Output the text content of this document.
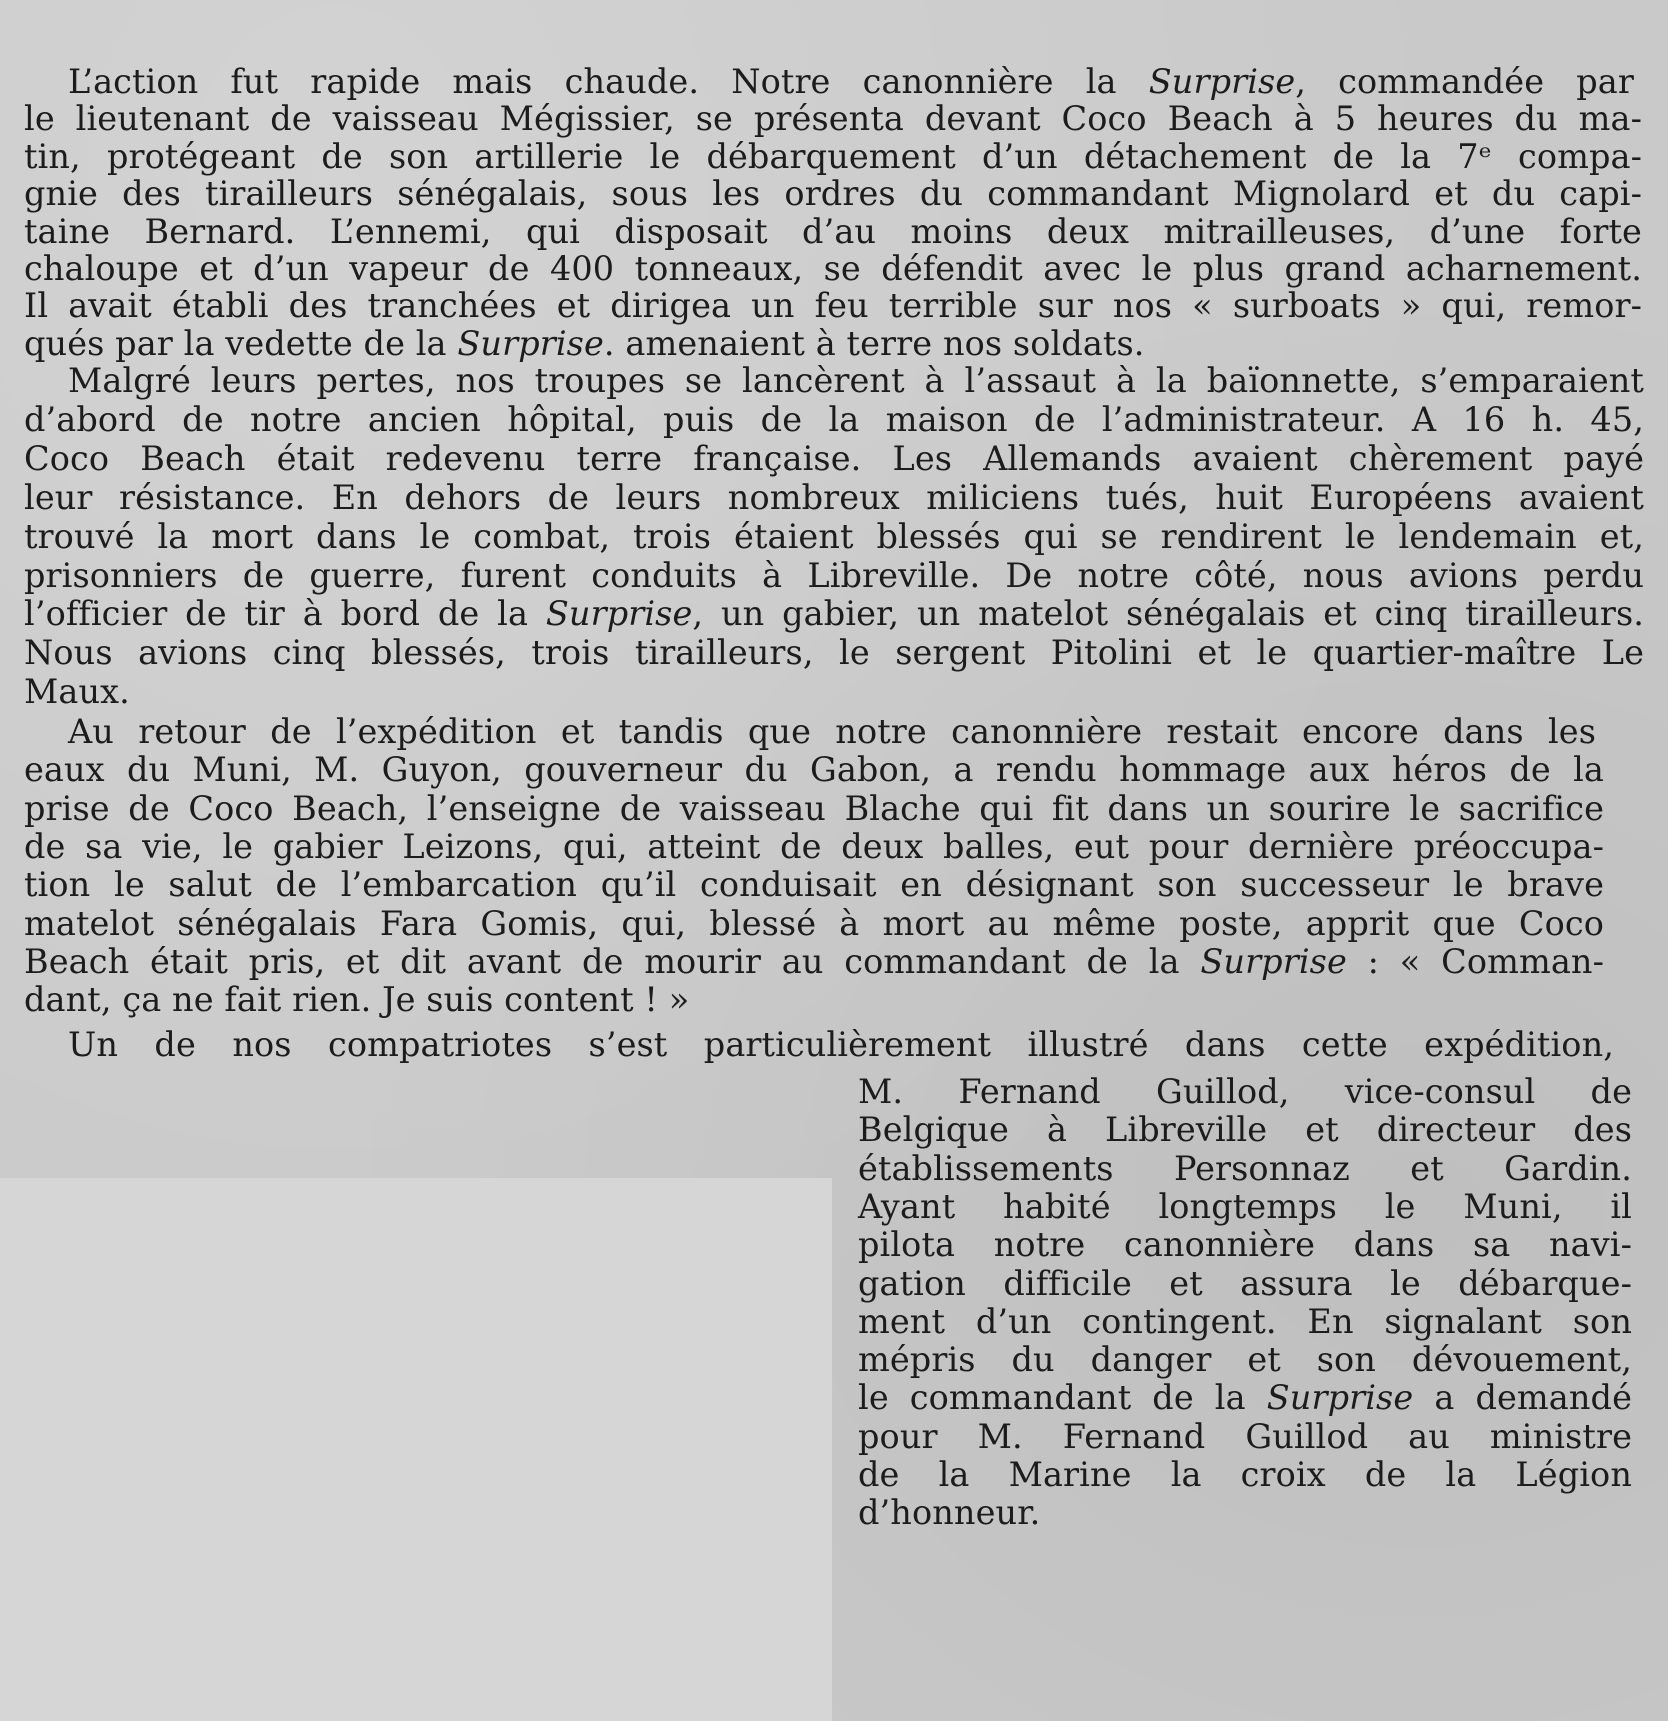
L’action fut rapide mais chaude. Notre canonnière la Surprise, commandée par
le lieutenant de vaisseau Mégissier, se présenta devant Coco Beach à 5 heures du ma-
tin, protégeant de son artillerie le débarquement d’un détachement de la 7ᵉ compa-
gnie des tirailleurs sénégalais, sous les ordres du commandant Mignolard et du capi-
taine Bernard. L’ennemi, qui disposait d’au moins deux mitrailleuses, d’une forte
chaloupe et d’un vapeur de 400 tonneaux, se défendit avec le plus grand acharnement.
Il avait établi des tranchées et dirigea un feu terrible sur nos « surboats » qui, remor-
qués par la vedette de la Surprise. amenaient à terre nos soldats.
Malgré leurs pertes, nos troupes se lancèrent à l’assaut à la baïonnette, s’emparaient
d’abord de notre ancien hôpital, puis de la maison de l’administrateur. A 16 h. 45,
Coco Beach était redevenu terre française. Les Allemands avaient chèrement payé
leur résistance. En dehors de leurs nombreux miliciens tués, huit Européens avaient
trouvé la mort dans le combat, trois étaient blessés qui se rendirent le lendemain et,
prisonniers de guerre, furent conduits à Libreville. De notre côté, nous avions perdu
l’officier de tir à bord de la Surprise, un gabier, un matelot sénégalais et cinq tirailleurs.
Nous avions cinq blessés, trois tirailleurs, le sergent Pitolini et le quartier-maître Le
Maux.
Au retour de l’expédition et tandis que notre canonnière restait encore dans les
eaux du Muni, M. Guyon, gouverneur du Gabon, a rendu hommage aux héros de la
prise de Coco Beach, l’enseigne de vaisseau Blache qui fit dans un sourire le sacrifice
de sa vie, le gabier Leizons, qui, atteint de deux balles, eut pour dernière préoccupa-
tion le salut de l’embarcation qu’il conduisait en désignant son successeur le brave
matelot sénégalais Fara Gomis, qui, blessé à mort au même poste, apprit que Coco
Beach était pris, et dit avant de mourir au commandant de la Surprise : « Comman-
dant, ça ne fait rien. Je suis content ! »
Un de nos compatriotes s’est particulièrement illustré dans cette expédition,
M. Fernand Guillod, vice-consul de
Belgique à Libreville et directeur des
établissements Personnaz et Gardin.
Ayant habité longtemps le Muni, il
pilota notre canonnière dans sa navi-
gation difficile et assura le débarque-
ment d’un contingent. En signalant son
mépris du danger et son dévouement,
le commandant de la Surprise a demandé
pour M. Fernand Guillod au ministre
de la Marine la croix de la Légion
d’honneur.
